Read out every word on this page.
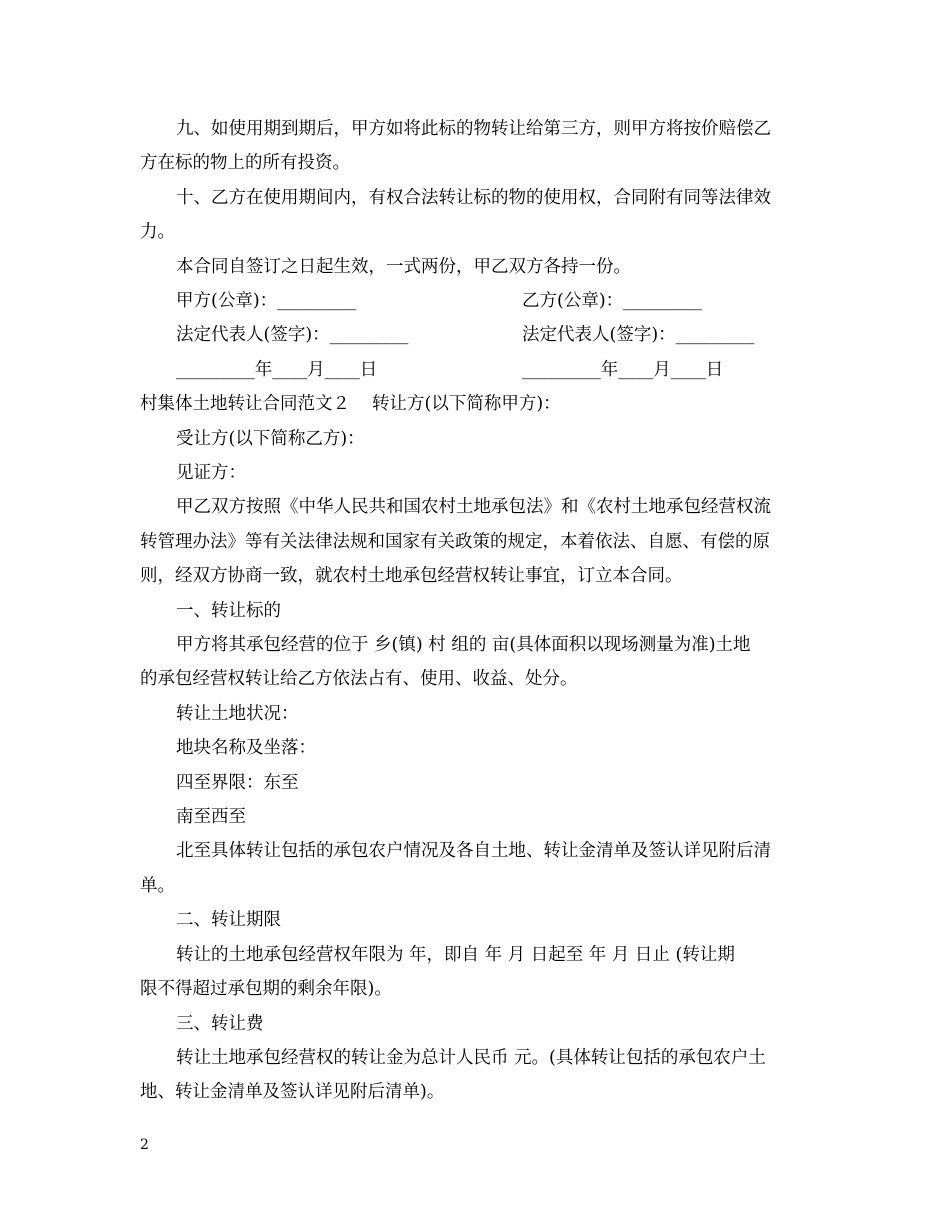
九、如使用期到期后，甲方如将此标的物转让给第三方，则甲方将按价赔偿乙

方在标的物上的所有投资。

十、乙方在使用期间内，有权合法转让标的物的使用权，合同附有同等法律效

力。

本合同自签订之日起生效，一式两份，甲乙双方各持一份。

甲方(公章)：_________	乙方(公章)：_________
法定代表人(签字)：_________	法定代表人(签字)：_________
_________年____月____日	_________年____月____日

村集体土地转让合同范文２ 转让方(以下简称甲方)：

受让方(以下简称乙方)：

见证方：

甲乙双方按照《中华人民共和国农村土地承包法》和《农村土地承包经营权流

转管理办法》等有关法律法规和国家有关政策的规定，本着依法、自愿、有偿的原

则，经双方协商一致，就农村土地承包经营权转让事宜，订立本合同。

一、转让标的

甲方将其承包经营的位于 乡(镇) 村 组的 亩(具体面积以现场测量为准)土地

的承包经营权转让给乙方依法占有、使用、收益、处分。

转让土地状况：

地块名称及坐落：

四至界限：东至

南至西至

北至具体转让包括的承包农户情况及各自土地、转让金清单及签认详见附后清

单。

二、转让期限

转让的土地承包经营权年限为 年，即自 年 月 日起至 年 月 日止 (转让期

限不得超过承包期的剩余年限)。

三、转让费

转让土地承包经营权的转让金为总计人民币 元。(具体转让包括的承包农户土

地、转让金清单及签认详见附后清单)。

2
